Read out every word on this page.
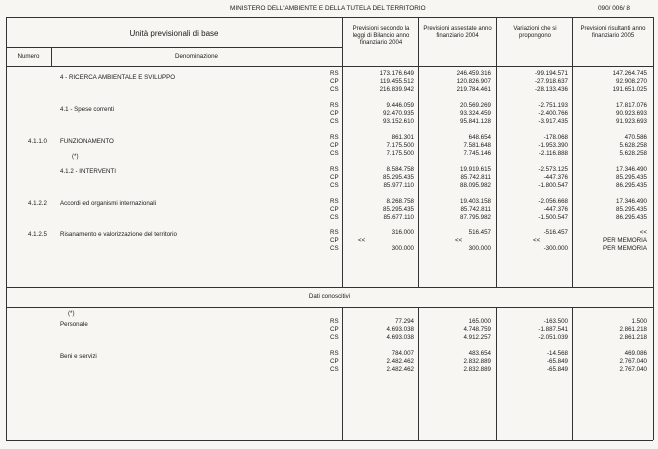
MINISTERO DELL'AMBIENTE E DELLA TUTELA DEL TERRITORIO	090/ 006/ 8
Unità previsionali di base
Numero	Denominazione
Previsioni secondo la leggi di Bilancio anno finanziario 2004
Previsioni assestate anno finanziario 2004
Variazioni che si propongono
Previsioni risultanti anno finanziario 2005
4 - RICERCA AMBIENTALE E SVILUPPO
RS	173.176.649	246.459.316	-99.194.571	147.264.745
CP	119.455.512	120.826.907	-27.918.637	92.908.270
CS	216.839.942	219.784.461	-28.133.436	191.651.025
4.1 - Spese correnti
RS	9.446.059	20.569.269	-2.751.193	17.817.076
CP	92.470.935	93.324.459	-2.400.766	90.923.693
CS	93.152.610	95.841.128	-3.917.435	91.923.693
4.1.1.0 FUNZIONAMENTO
(*)
RS	861.301	648.654	-178.068	470.586
CP	7.175.500	7.581.648	-1.953.390	5.628.258
CS	7.175.500	7.745.146	-2.116.888	5.628.258
4.1.2 - INTERVENTI	RS	8.584.758	19.919.615	-2.573.125	17.346.490
CP	85.295.435	85.742.811	-447.376	85.295.435
CS	85.977.110	88.095.982	-1.800.547	86.295.435
4.1.2.2 Accordi ed organismi internazionali	RS	8.268.758	19.403.158	-2.056.668	17.346.490
CP	85.295.435	85.742.811	-447.376	85.295.435
CS	85.677.110	87.795.982	-1.500.547	86.295.435
4.1.2.5 Risanamento e valorizzazione del territorio	RS	316.000	516.457	-516.457	<<
CP	<<	<<	<<	PER MEMORIA
CS	300.000	300.000	-300.000	PER MEMORIA
Dati conoscitivi
(*)
Personale	RS	77.294	165.000	-163.500	1.500
CP	4.693.038	4.748.759	-1.887.541	2.861.218
CS	4.693.038	4.912.257	-2.051.039	2.861.218
Beni e servizi	RS	784.007	483.654	-14.568	469.086
CP	2.482.462	2.832.889	-65.849	2.767.040
CS	2.482.462	2.832.889	-65.849	2.767.040
